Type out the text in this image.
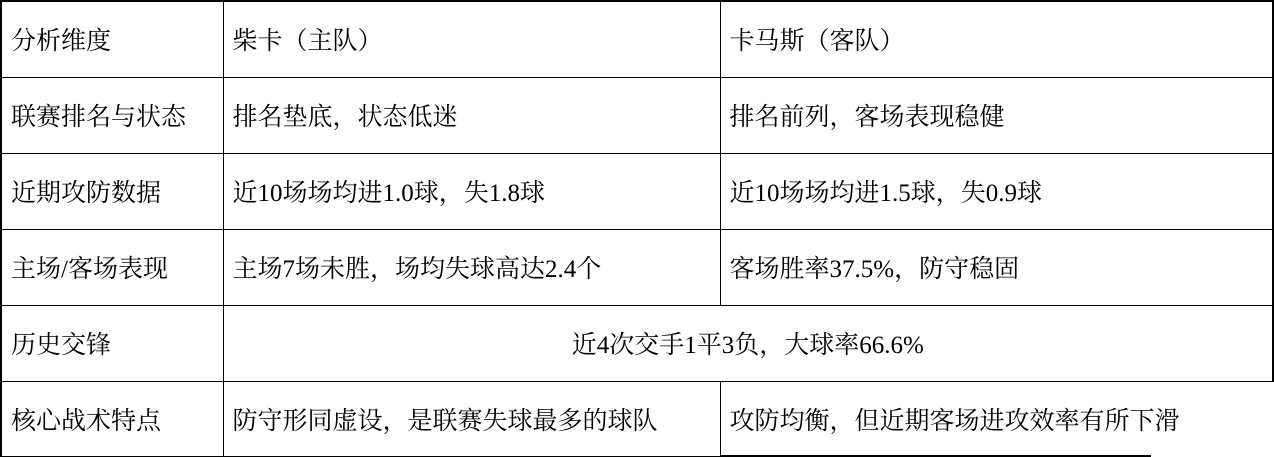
分析维度	柴卡（主队）	卡马斯（客队）
联赛排名与状态	排名垫底，状态低迷	排名前列，客场表现稳健
近期攻防数据	近10场场均进1.0球，失1.8球	近10场场均进1.5球，失0.9球
主场/客场表现	主场7场未胜，场均失球高达2.4个	客场胜率37.5%，防守稳固
历史交锋	近4次交手1平3负，大球率66.6%	
核心战术特点	防守形同虚设，是联赛失球最多的球队	攻防均衡，但近期客场进攻效率有所下滑
